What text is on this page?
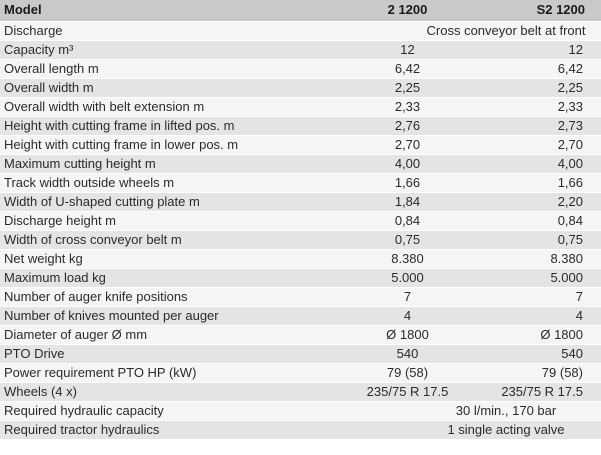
Model	2 1200	S2 1200
Discharge	Cross conveyor belt at front	
Capacity m³	12	12
Overall length m	6,42	6,42
Overall width m	2,25	2,25
Overall width with belt extension m	2,33	2,33
Height with cutting frame in lifted pos. m	2,76	2,73
Height with cutting frame in lower pos. m	2,70	2,70
Maximum cutting height m	4,00	4,00
Track width outside wheels m	1,66	1,66
Width of U-shaped cutting plate m	1,84	2,20
Discharge height m	0,84	0,84
Width of cross conveyor belt m	0,75	0,75
Net weight kg	8.380	8.380
Maximum load kg	5.000	5.000
Number of auger knife positions	7	7
Number of knives mounted per auger	4	4
Diameter of auger Ø mm	Ø 1800	Ø 1800
PTO Drive	540	540
Power requirement PTO HP (kW)	79 (58)	79 (58)
Wheels (4 x)	235/75 R 17.5	235/75 R 17.5
Required hydraulic capacity	30 l/min., 170 bar	
Required tractor hydraulics	1 single acting valve	
